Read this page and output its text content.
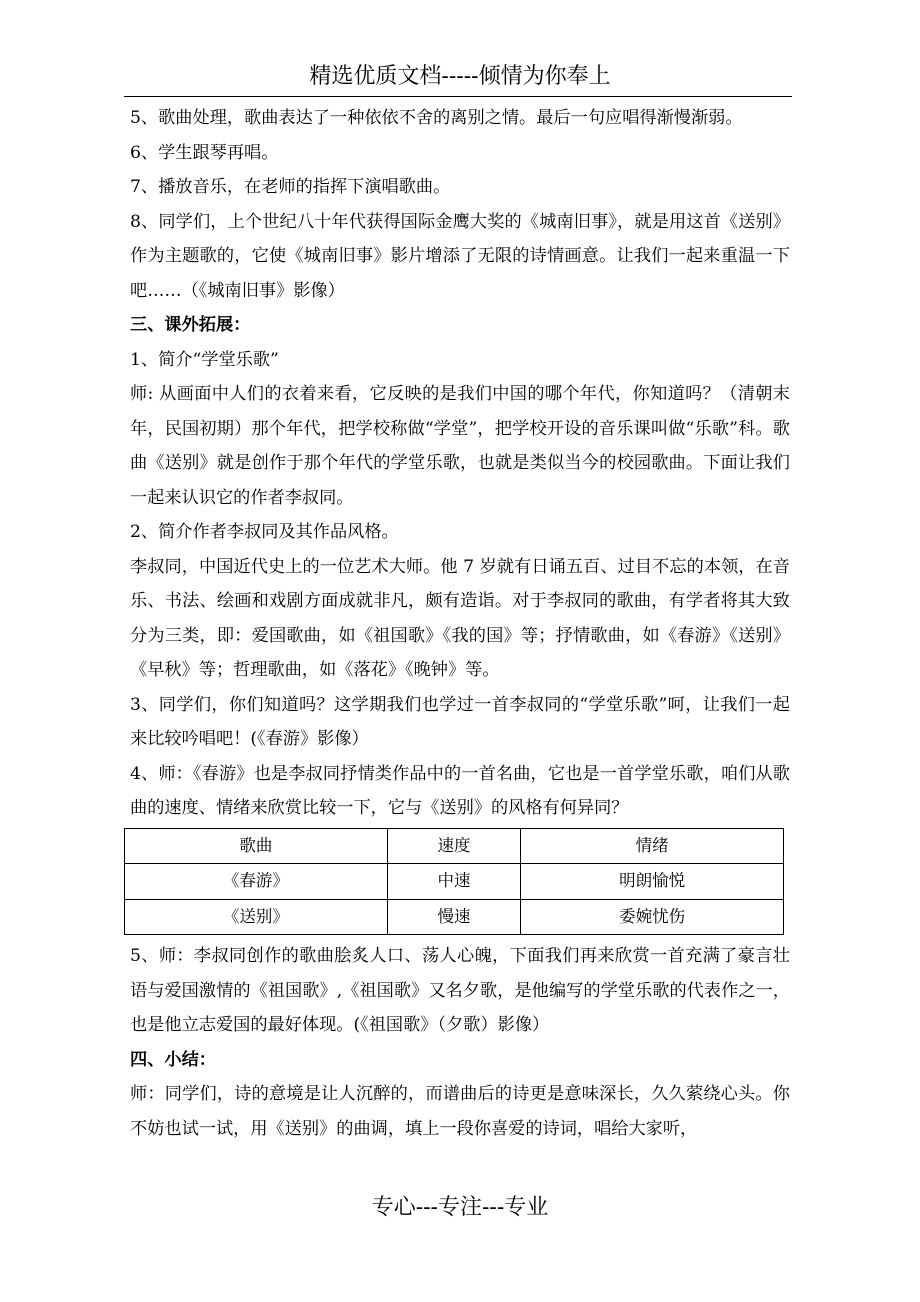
精选优质文档-----倾情为你奉上

5、歌曲处理，歌曲表达了一种依依不舍的离别之情。最后一句应唱得渐慢渐弱。

6、学生跟琴再唱。

7、播放音乐，在老师的指挥下演唱歌曲。

8、同学们，上个世纪八十年代获得国际金鹰大奖的《城南旧事》，就是用这首《送别》作为主题歌的，它使《城南旧事》影片增添了无限的诗情画意。让我们一起来重温一下吧……（《城南旧事》影像）

三、课外拓展：

1、简介“学堂乐歌”

师: 从画面中人们的衣着来看，它反映的是我们中国的哪个年代，你知道吗？（清朝末年，民国初期）那个年代，把学校称做“学堂”，把学校开设的音乐课叫做“乐歌”科。歌曲《送别》就是创作于那个年代的学堂乐歌，也就是类似当今的校园歌曲。下面让我们一起来认识它的作者李叔同。

2、简介作者李叔同及其作品风格。

李叔同，中国近代史上的一位艺术大师。他 7 岁就有日诵五百、过目不忘的本领，在音乐、书法、绘画和戏剧方面成就非凡，颇有造诣。对于李叔同的歌曲，有学者将其大致分为三类，即：爱国歌曲，如《祖国歌》《我的国》等；抒情歌曲，如《春游》《送别》《早秋》等；哲理歌曲，如《落花》《晚钟》等。

3、同学们，你们知道吗？这学期我们也学过一首李叔同的“学堂乐歌”呵，让我们一起来比较吟唱吧！(《春游》影像）

4、师：《春游》也是李叔同抒情类作品中的一首名曲，它也是一首学堂乐歌，咱们从歌曲的速度、情绪来欣赏比较一下，它与《送别》的风格有何异同？

歌曲	速度	情绪
《春游》	中速	明朗愉悦
《送别》	慢速	委婉忧伤

5、师：李叔同创作的歌曲脍炙人口、荡人心魄，下面我们再来欣赏一首充满了豪言壮语与爱国激情的《祖国歌》,《祖国歌》又名夕歌，是他编写的学堂乐歌的代表作之一，也是他立志爱国的最好体现。(《祖国歌》（夕歌）影像）

四、小结：

师：同学们，诗的意境是让人沉醉的，而谱曲后的诗更是意味深长，久久萦绕心头。你不妨也试一试，用《送别》的曲调，填上一段你喜爱的诗词，唱给大家听，

专心---专注---专业
